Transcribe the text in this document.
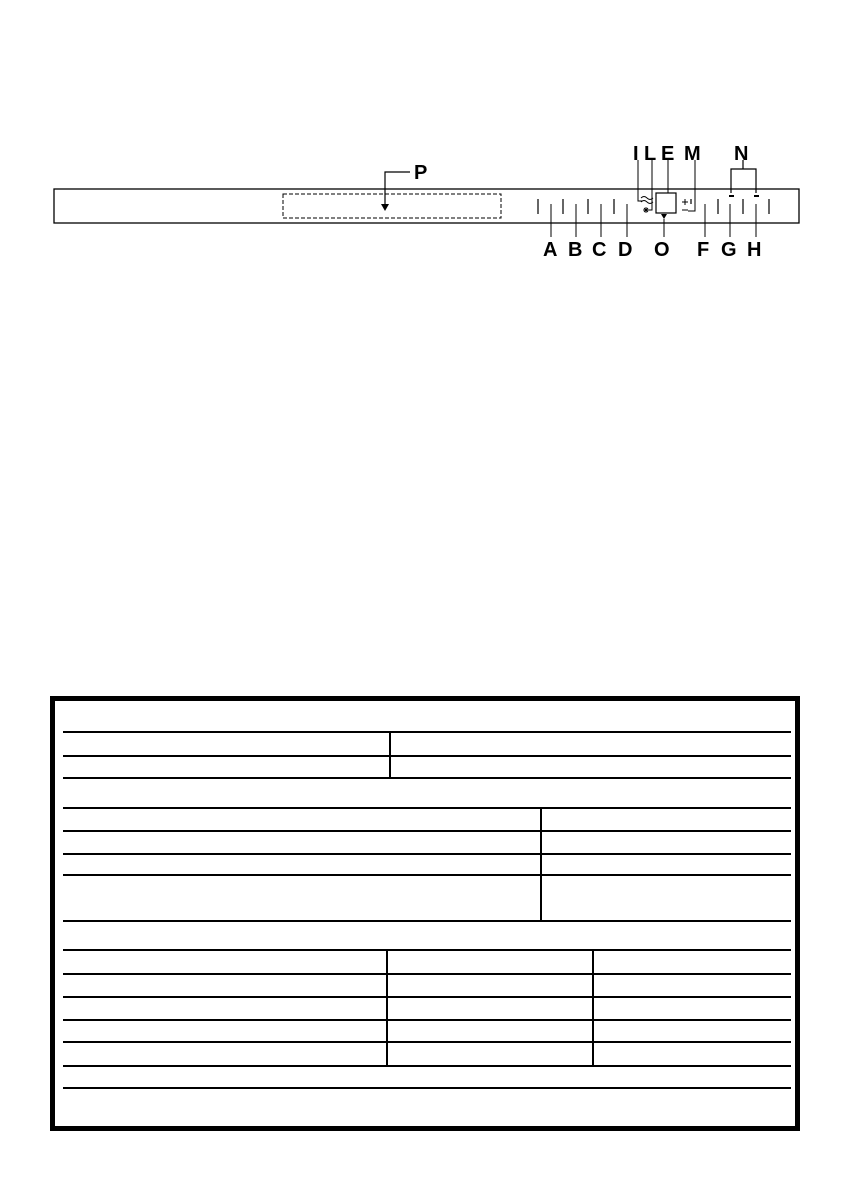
P
I L E M N
A B C D O F G H
